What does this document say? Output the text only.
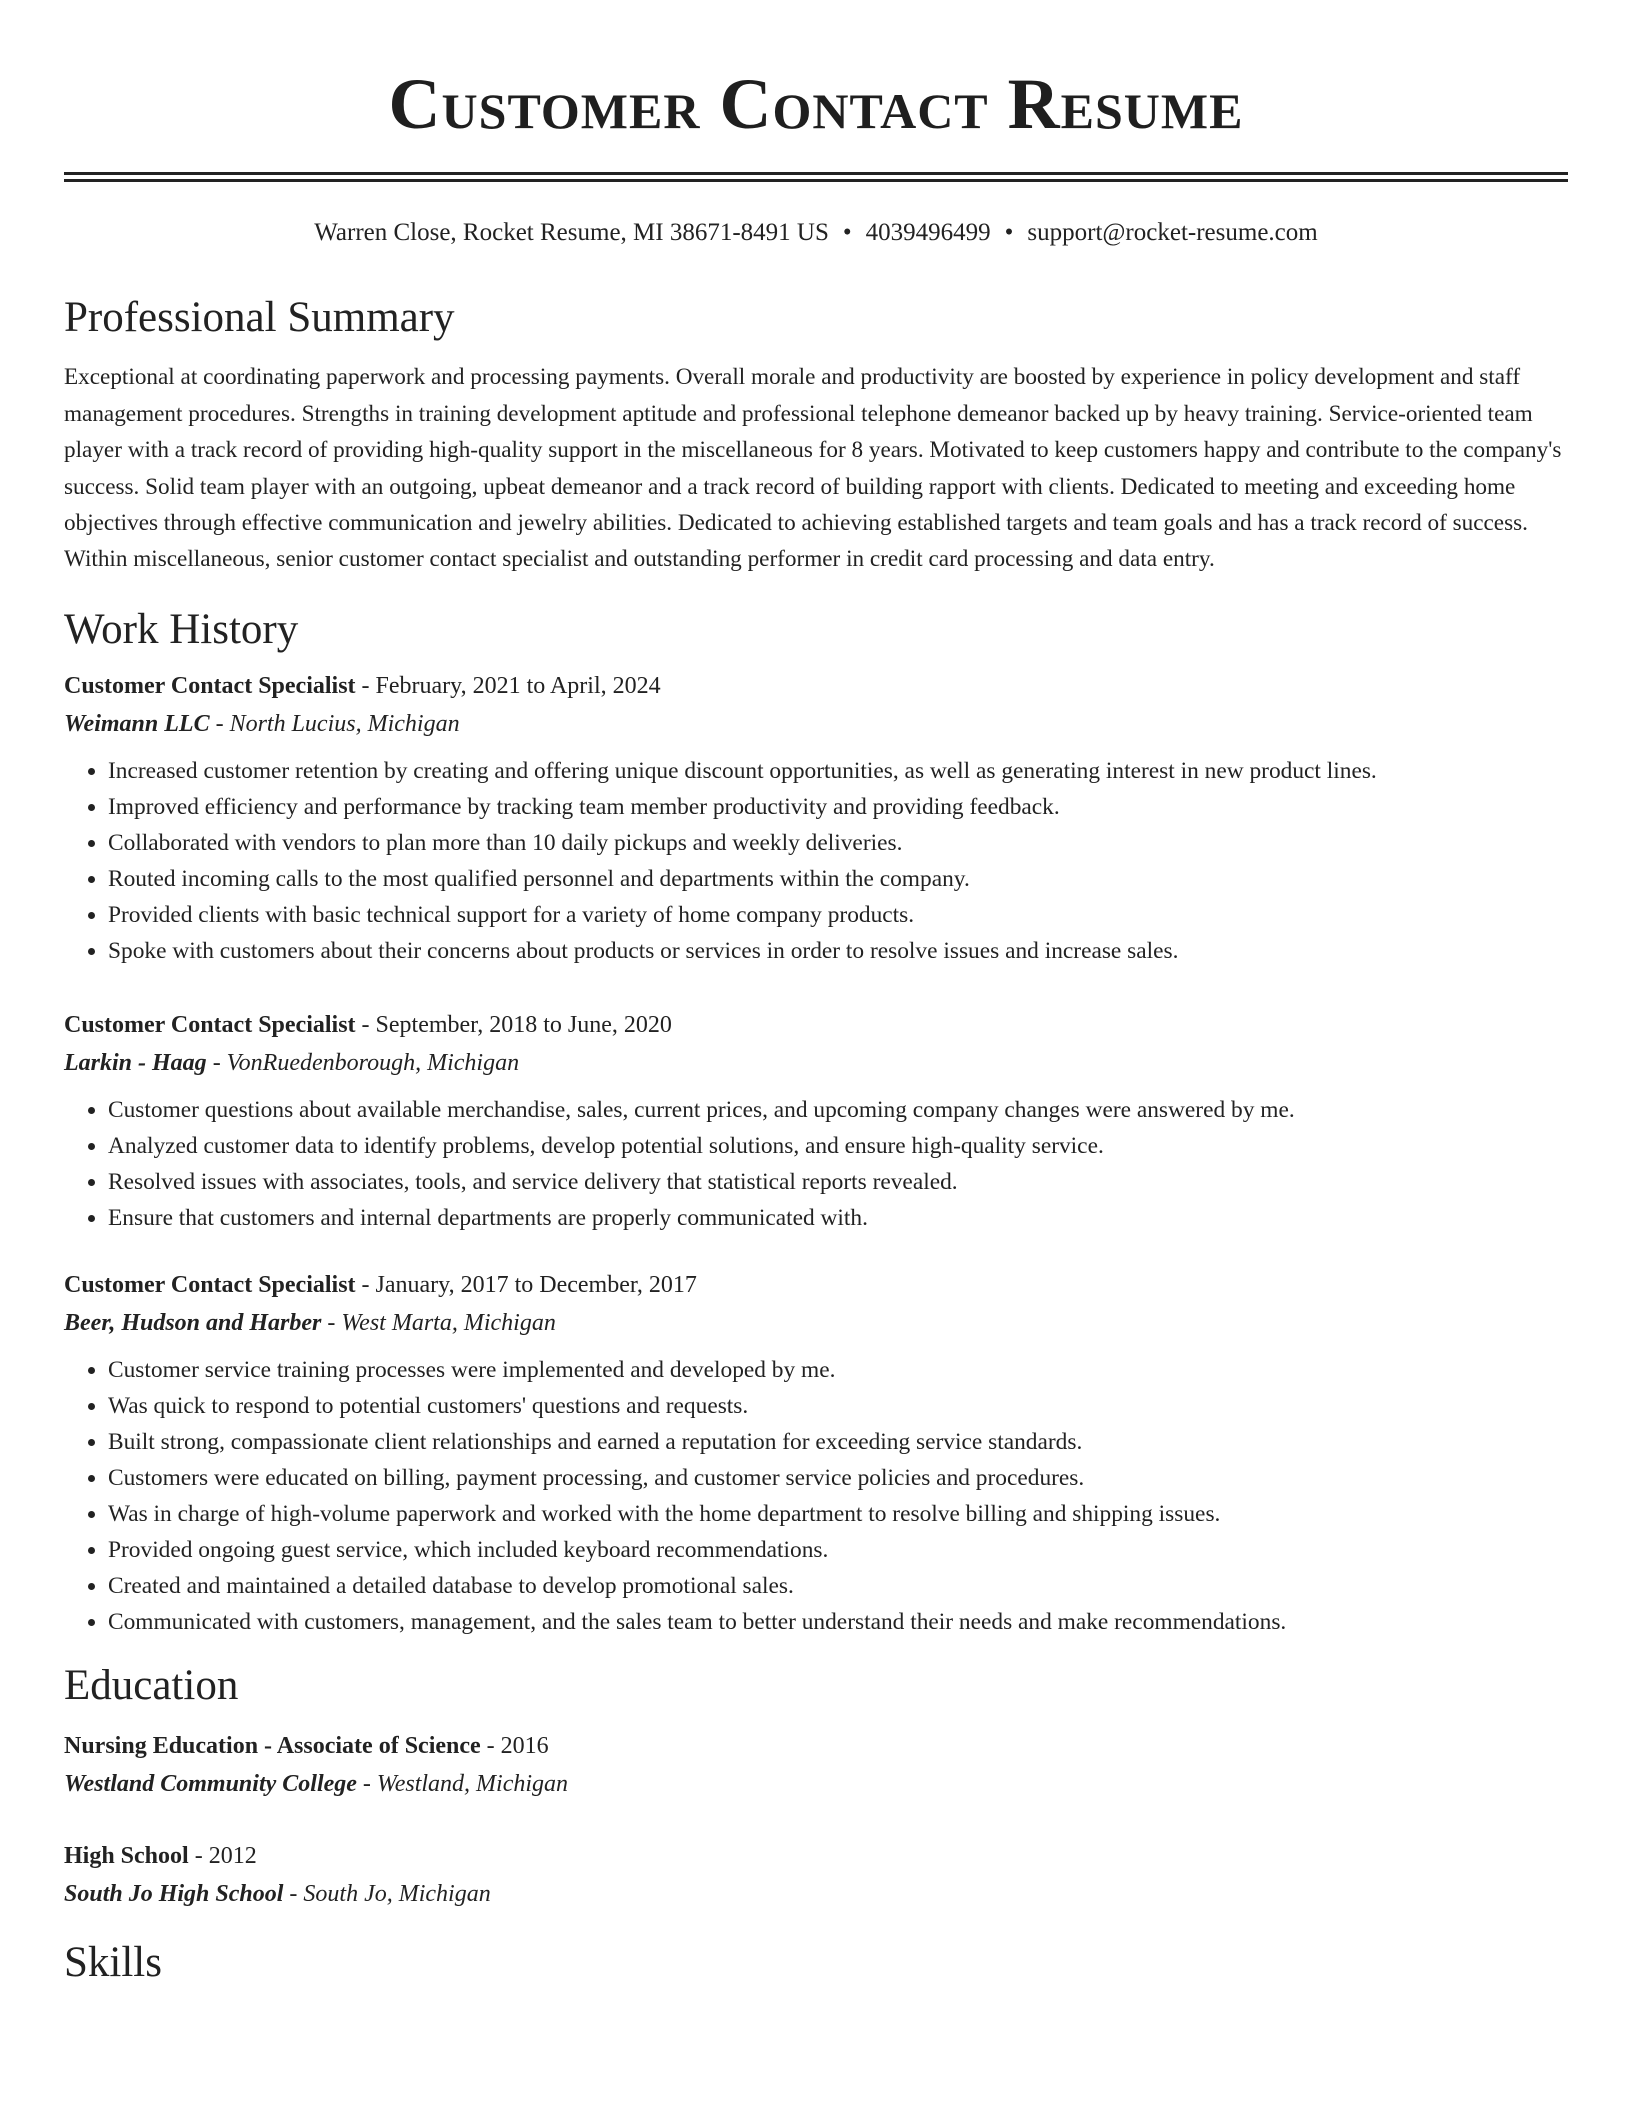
Customer Contact Resume
Warren Close, Rocket Resume, MI 38671-8491 US • 4039496499 • support@rocket-resume.com
Professional Summary
Exceptional at coordinating paperwork and processing payments. Overall morale and productivity are boosted by experience in policy development and staff management procedures. Strengths in training development aptitude and professional telephone demeanor backed up by heavy training. Service-oriented team player with a track record of providing high-quality support in the miscellaneous for 8 years. Motivated to keep customers happy and contribute to the company's success. Solid team player with an outgoing, upbeat demeanor and a track record of building rapport with clients. Dedicated to meeting and exceeding home objectives through effective communication and jewelry abilities. Dedicated to achieving established targets and team goals and has a track record of success. Within miscellaneous, senior customer contact specialist and outstanding performer in credit card processing and data entry.
Work History
Customer Contact Specialist - February, 2021 to April, 2024
Weimann LLC - North Lucius, Michigan
• Increased customer retention by creating and offering unique discount opportunities, as well as generating interest in new product lines.
• Improved efficiency and performance by tracking team member productivity and providing feedback.
• Collaborated with vendors to plan more than 10 daily pickups and weekly deliveries.
• Routed incoming calls to the most qualified personnel and departments within the company.
• Provided clients with basic technical support for a variety of home company products.
• Spoke with customers about their concerns about products or services in order to resolve issues and increase sales.
Customer Contact Specialist - September, 2018 to June, 2020
Larkin - Haag - VonRuedenborough, Michigan
• Customer questions about available merchandise, sales, current prices, and upcoming company changes were answered by me.
• Analyzed customer data to identify problems, develop potential solutions, and ensure high-quality service.
• Resolved issues with associates, tools, and service delivery that statistical reports revealed.
• Ensure that customers and internal departments are properly communicated with.
Customer Contact Specialist - January, 2017 to December, 2017
Beer, Hudson and Harber - West Marta, Michigan
• Customer service training processes were implemented and developed by me.
• Was quick to respond to potential customers' questions and requests.
• Built strong, compassionate client relationships and earned a reputation for exceeding service standards.
• Customers were educated on billing, payment processing, and customer service policies and procedures.
• Was in charge of high-volume paperwork and worked with the home department to resolve billing and shipping issues.
• Provided ongoing guest service, which included keyboard recommendations.
• Created and maintained a detailed database to develop promotional sales.
• Communicated with customers, management, and the sales team to better understand their needs and make recommendations.
Education
Nursing Education - Associate of Science - 2016
Westland Community College - Westland, Michigan
High School - 2012
South Jo High School - South Jo, Michigan
Skills
